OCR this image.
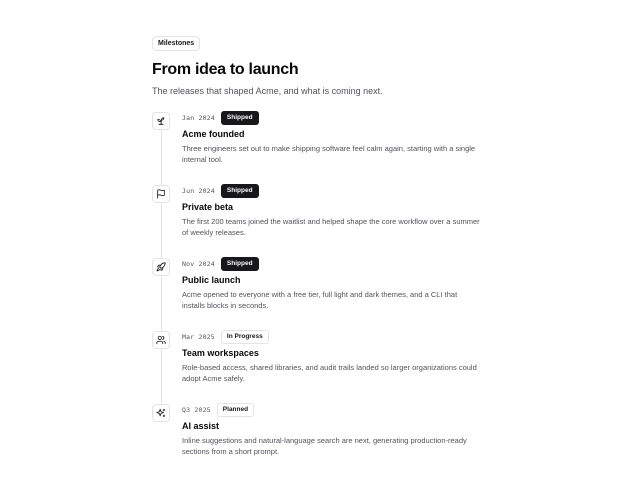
Milestones
From idea to launch

The releases that shaped Acme, and what is coming next.

Jan 2024	Shipped
Acme founded
Three engineers set out to make shipping software feel calm again, starting with a single internal tool.
Jun 2024	Shipped
Private beta
The first 200 teams joined the waitlist and helped shape the core workflow over a summer of weekly releases.
Nov 2024	Shipped
Public launch
Acme opened to everyone with a free tier, full light and dark themes, and a CLI that installs blocks in seconds.
Mar 2025	In Progress
Team workspaces
Role-based access, shared libraries, and audit trails landed so larger organizations could adopt Acme safely.
Q3 2025	Planned
AI assist
Inline suggestions and natural-language search are next, generating production-ready sections from a short prompt.
